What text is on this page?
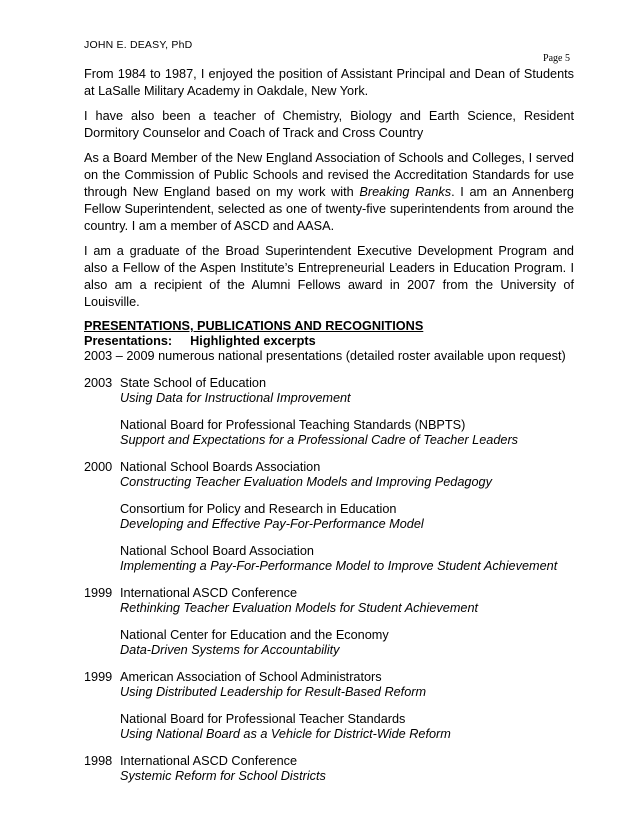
JOHN E. DEASY, PhD
Page 5

From 1984 to 1987, I enjoyed the position of Assistant Principal and Dean of Students at LaSalle Military Academy in Oakdale, New York.

I have also been a teacher of Chemistry, Biology and Earth Science, Resident Dormitory Counselor and Coach of Track and Cross Country

As a Board Member of the New England Association of Schools and Colleges, I served on the Commission of Public Schools and revised the Accreditation Standards for use through New England based on my work with Breaking Ranks. I am an Annenberg Fellow Superintendent, selected as one of twenty-five superintendents from around the country. I am a member of ASCD and AASA.

I am a graduate of the Broad Superintendent Executive Development Program and also a Fellow of the Aspen Institute’s Entrepreneurial Leaders in Education Program. I also am a recipient of the Alumni Fellows award in 2007 from the University of Louisville.

PRESENTATIONS, PUBLICATIONS AND RECOGNITIONS
Presentations: Highlighted excerpts
2003 – 2009 numerous national presentations (detailed roster available upon request)
2003 State School of Education
Using Data for Instructional Improvement
National Board for Professional Teaching Standards (NBPTS)
Support and Expectations for a Professional Cadre of Teacher Leaders
2000 National School Boards Association
Constructing Teacher Evaluation Models and Improving Pedagogy
Consortium for Policy and Research in Education
Developing and Effective Pay-For-Performance Model
National School Board Association
Implementing a Pay-For-Performance Model to Improve Student Achievement
1999 International ASCD Conference
Rethinking Teacher Evaluation Models for Student Achievement
National Center for Education and the Economy
Data-Driven Systems for Accountability
1999 American Association of School Administrators
Using Distributed Leadership for Result-Based Reform
National Board for Professional Teacher Standards
Using National Board as a Vehicle for District-Wide Reform
1998 International ASCD Conference
Systemic Reform for School Districts
